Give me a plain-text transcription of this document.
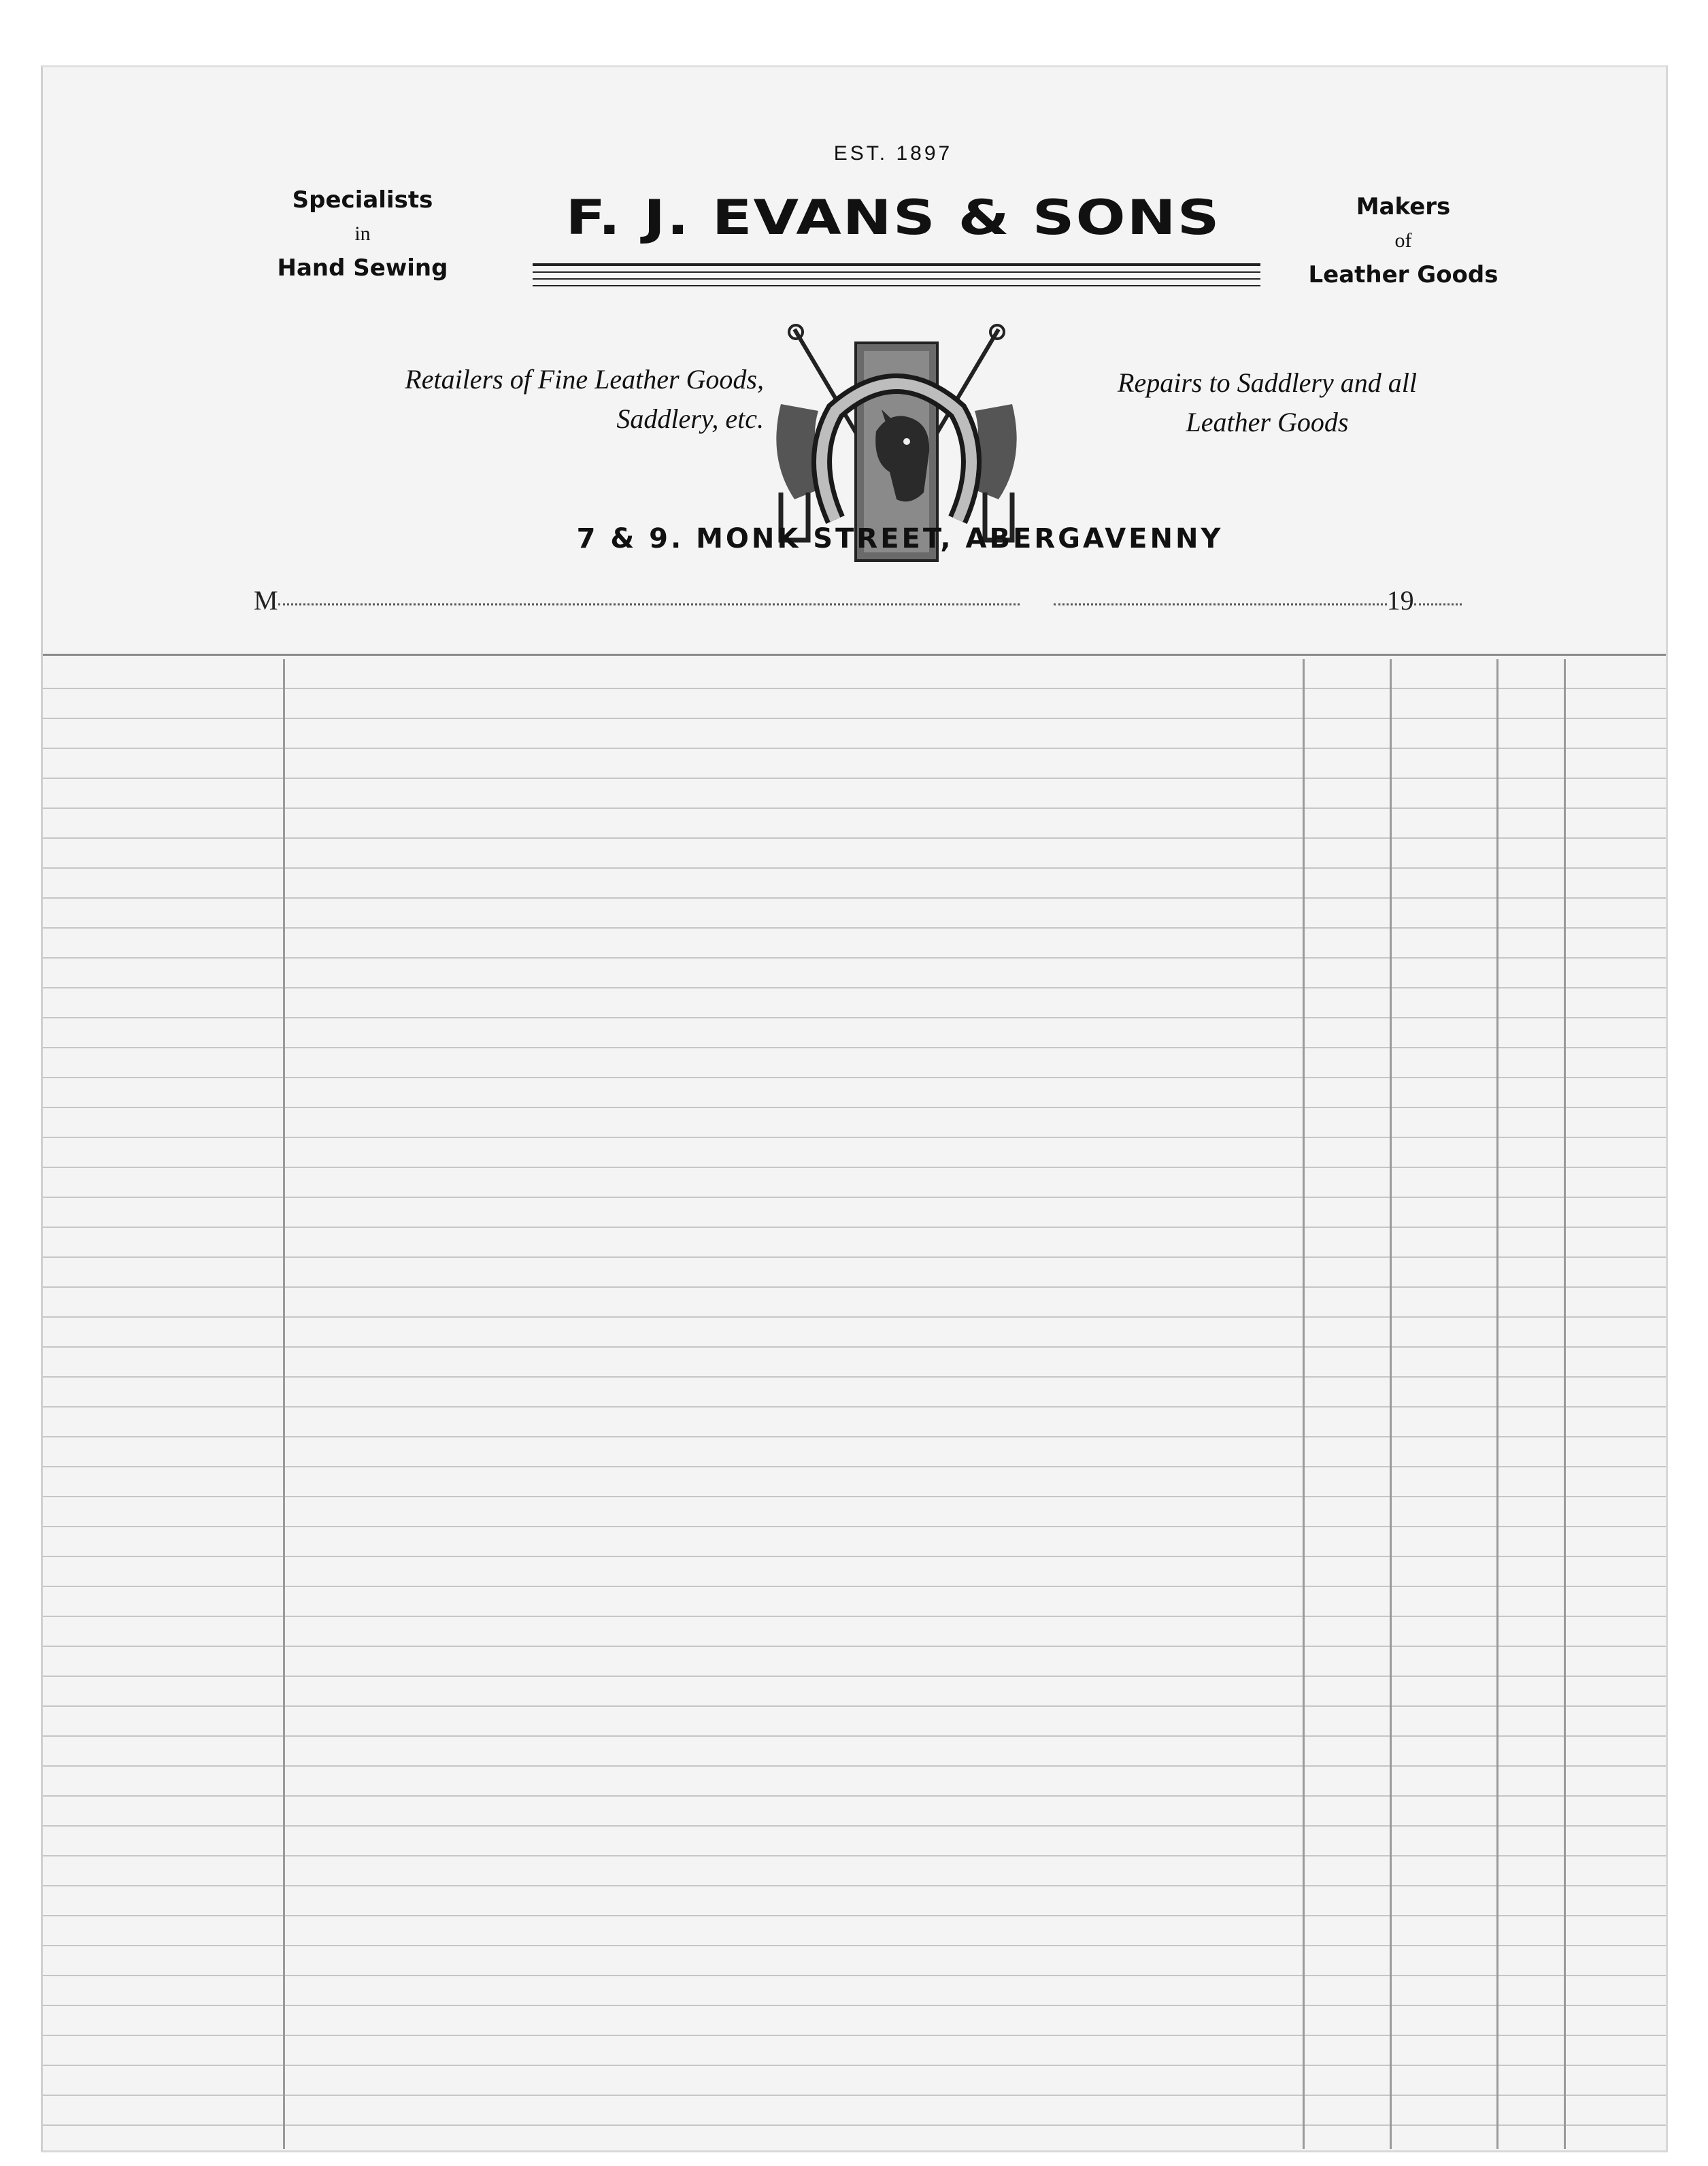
EST. 1897
Specialists
in
Hand Sewing
F. J. EVANS & SONS	Makers
of
Leather Goods
Retailers of Fine Leather Goods,
Saddlery, etc.
Repairs to Saddlery and all
Leather Goods
7 & 9. MONK STREET, ABERGAVENNY
M	19
